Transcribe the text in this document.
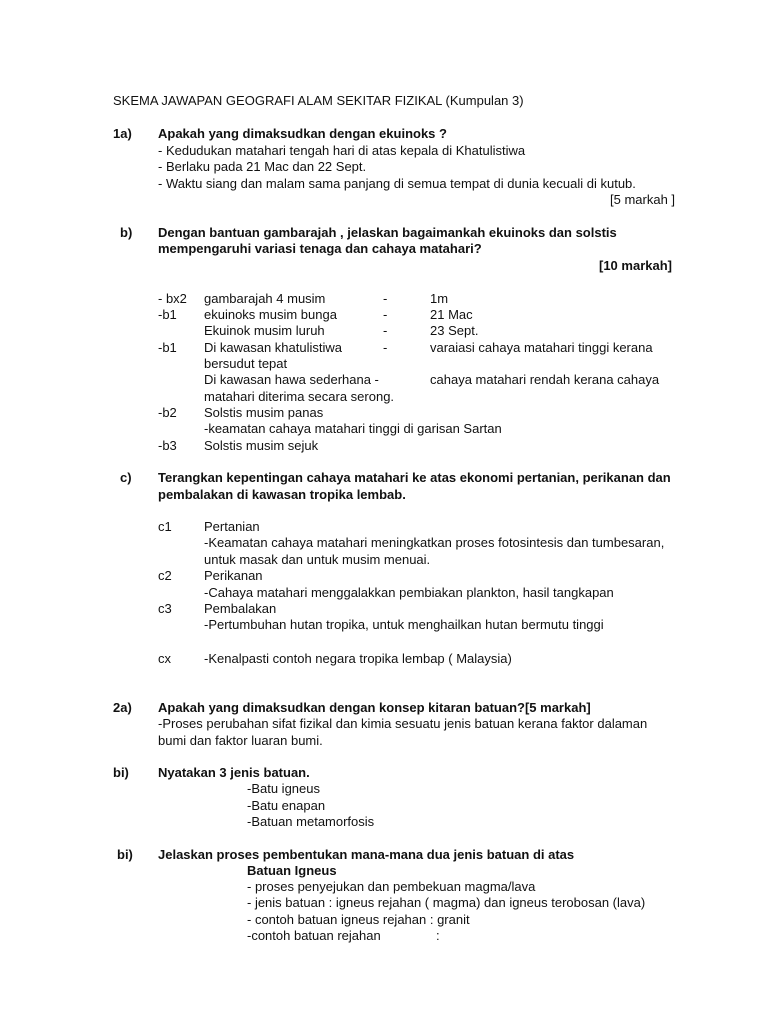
SKEMA JAWAPAN GEOGRAFI ALAM SEKITAR FIZIKAL (Kumpulan 3)
1a) Apakah yang dimaksudkan dengan ekuinoks ?
- Kedudukan matahari tengah hari di atas kepala di Khatulistiwa
- Berlaku pada 21 Mac dan 22 Sept.
- Waktu siang dan malam sama panjang di semua tempat di dunia kecuali di kutub.
[5 markah ]
b) Dengan bantuan gambarajah , jelaskan bagaimankah ekuinoks dan solstis
mempengaruhi variasi tenaga dan cahaya matahari?
[10 markah]
- bx2 gambarajah 4 musim	-	1m
-b1 ekuinoks musim bunga	-	21 Mac
Ekuinok musim luruh	-	23 Sept.
-b1 Di kawasan khatulistiwa	-	varaiasi cahaya matahari tinggi kerana
bersudut tepat
Di kawasan hawa sederhana -	cahaya matahari rendah kerana cahaya
matahari diterima secara serong.
-b2 Solstis musim panas
-keamatan cahaya matahari tinggi di garisan Sartan
-b3 Solstis musim sejuk
c) Terangkan kepentingan cahaya matahari ke atas ekonomi pertanian, perikanan dan
pembalakan di kawasan tropika lembab.
c1 Pertanian
-Keamatan cahaya matahari meningkatkan proses fotosintesis dan tumbesaran,
untuk masak dan untuk musim menuai.
c2 Perikanan
-Cahaya matahari menggalakkan pembiakan plankton, hasil tangkapan
c3 Pembalakan
-Pertumbuhan hutan tropika, untuk menghailkan hutan bermutu tinggi
cx	-Kenalpasti contoh negara tropika lembap ( Malaysia)
2a) Apakah yang dimaksudkan dengan konsep kitaran batuan?[5 markah]
-Proses perubahan sifat fizikal dan kimia sesuatu jenis batuan kerana faktor dalaman
bumi dan faktor luaran bumi.
bi) Nyatakan 3 jenis batuan.
-Batu igneus
-Batu enapan
-Batuan metamorfosis
bi) Jelaskan proses pembentukan mana-mana dua jenis batuan di atas
Batuan Igneus
- proses penyejukan dan pembekuan magma/lava
- jenis batuan : igneus rejahan ( magma) dan igneus terobosan (lava)
- contoh batuan igneus rejahan : granit
-contoh batuan rejahan	:
